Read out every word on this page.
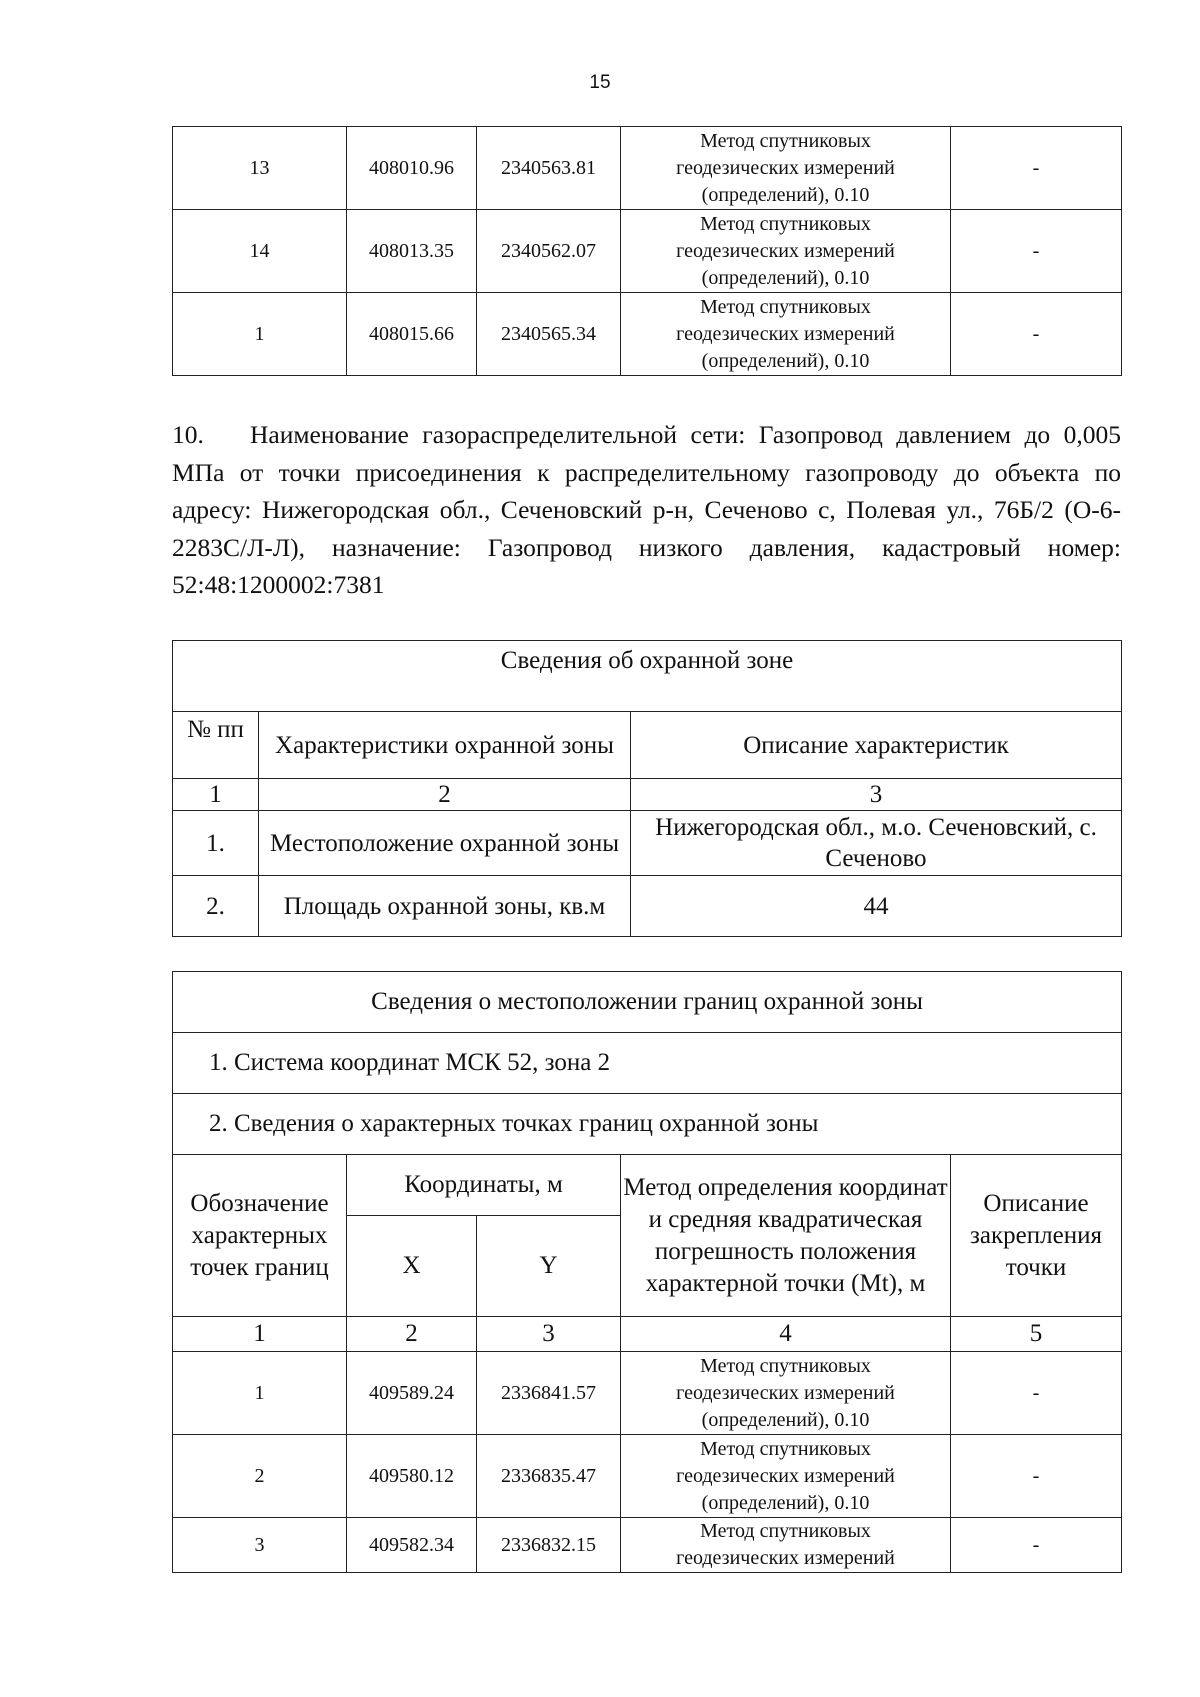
15
13	408010.96	2340563.81	Метод спутниковых
геодезических измерений
(определений), 0.10	-
14	408013.35	2340562.07	Метод спутниковых
геодезических измерений
(определений), 0.10	-
1	408015.66	2340565.34	Метод спутниковых
геодезических измерений
(определений), 0.10	-
10. Наименование газораспределительной сети: Газопровод давлением до 0,005 МПа от точки присоединения к распределительному газопроводу до объекта по адресу: Нижегородская обл., Сеченовский р-н, Сеченово с, Полевая ул., 76Б/2 (О-6-2283С/Л-Л), назначение: Газопровод низкого давления, кадастровый номер: 52:48:1200002:7381
Сведения об охранной зоне		
№ пп	Характеристики охранной зоны	Описание характеристик
1	2	3
1.	Местоположение охранной зоны	Нижегородская обл., м.о. Сеченовский, с. Сеченово
2.	Площадь охранной зоны, кв.м	44
Сведения о местоположении границ охранной зоны				
1. Система координат МСК 52, зона 2				
2. Сведения о характерных точках границ охранной зоны				
Обозначение характерных точек границ	Координаты, м		Метод определения координат и средняя квадратическая погрешность положения характерной точки (Mt), м	Описание закрепления точки
	X	Y		
1	2	3	4	5
1	409589.24	2336841.57	Метод спутниковых
геодезических измерений
(определений), 0.10	-
2	409580.12	2336835.47	Метод спутниковых
геодезических измерений
(определений), 0.10	-
3	409582.34	2336832.15	Метод спутниковых
геодезических измерений	-
